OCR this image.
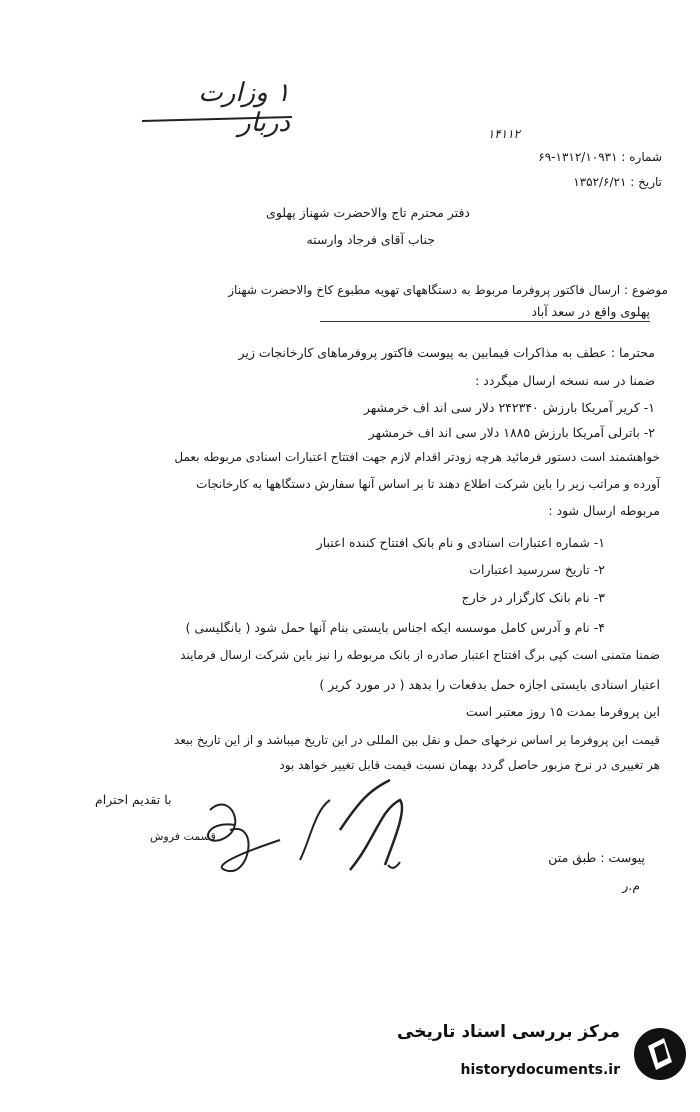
۱ وزارت دربار	۱۴۱۱۲
شماره : ۱۳۱۲/۱۰۹۳۱-۶۹
تاریخ : ۱۳۵۲/۶/۲۱
دفتر محترم تاج والاحضرت شهناز پهلوی
جناب آقای فرجاد وارسته
موضوع : ارسال فاکتور پروفرما مربوط به دستگاههای تهویه مطبوع کاخ والاحضرت شهناز
پهلوی واقع در سعد آباد
محترما : عطف به مذاکرات فیمابین به پیوست فاکتور پروفرماهای کارخانجات زیر
ضمنا در سه نسخه ارسال میگردد :
۱- کریر آمریکا بارزش ۲۴۲۳۴۰ دلار سی اند اف خرمشهر
۲- باترلی آمریکا بارزش ۱۸۸۵ دلار سی اند اف خرمشهر
خواهشمند است دستور فرمائید هرچه زودتر اقدام لازم جهت افتتاح اعتبارات اسنادی مربوطه بعمل
آورده و مراتب زیر را باین شرکت اطلاع دهند تا بر اساس آنها سفارش دستگاهها به کارخانجات
مربوطه ارسال شود :
۱- شماره اعتبارات اسنادی و نام بانک افتتاح کننده اعتبار
۲- تاریخ سررسید اعتبارات
۳- نام بانک کارگزار در خارج
۴- نام و آدرس کامل موسسه ایکه اجناس بایستی بنام آنها حمل شود ( بانگلیسی )
ضمنا متمنی است کپی برگ افتتاح اعتبار صادره از بانک مربوطه را نیز باین شرکت ارسال فرمایند
اعتبار اسنادی بایستی اجازه حمل بدفعات را بدهد ( در مورد کریر )
این پروفرما بمدت ۱۵ روز معتبر است
قیمت این پروفرما بر اساس نرخهای حمل و نقل بین المللی در این تاریخ میباشد و از این تاریخ ببعد
هر تغییری در نرخ مزبور حاصل گردد بهمان نسبت قیمت قابل تغییر خواهد بود
با تقدیم احترام
قسمت فروش
پیوست : طبق متن
م.ر
مرکز بررسی اسناد تاریخی
historydocuments.ir
